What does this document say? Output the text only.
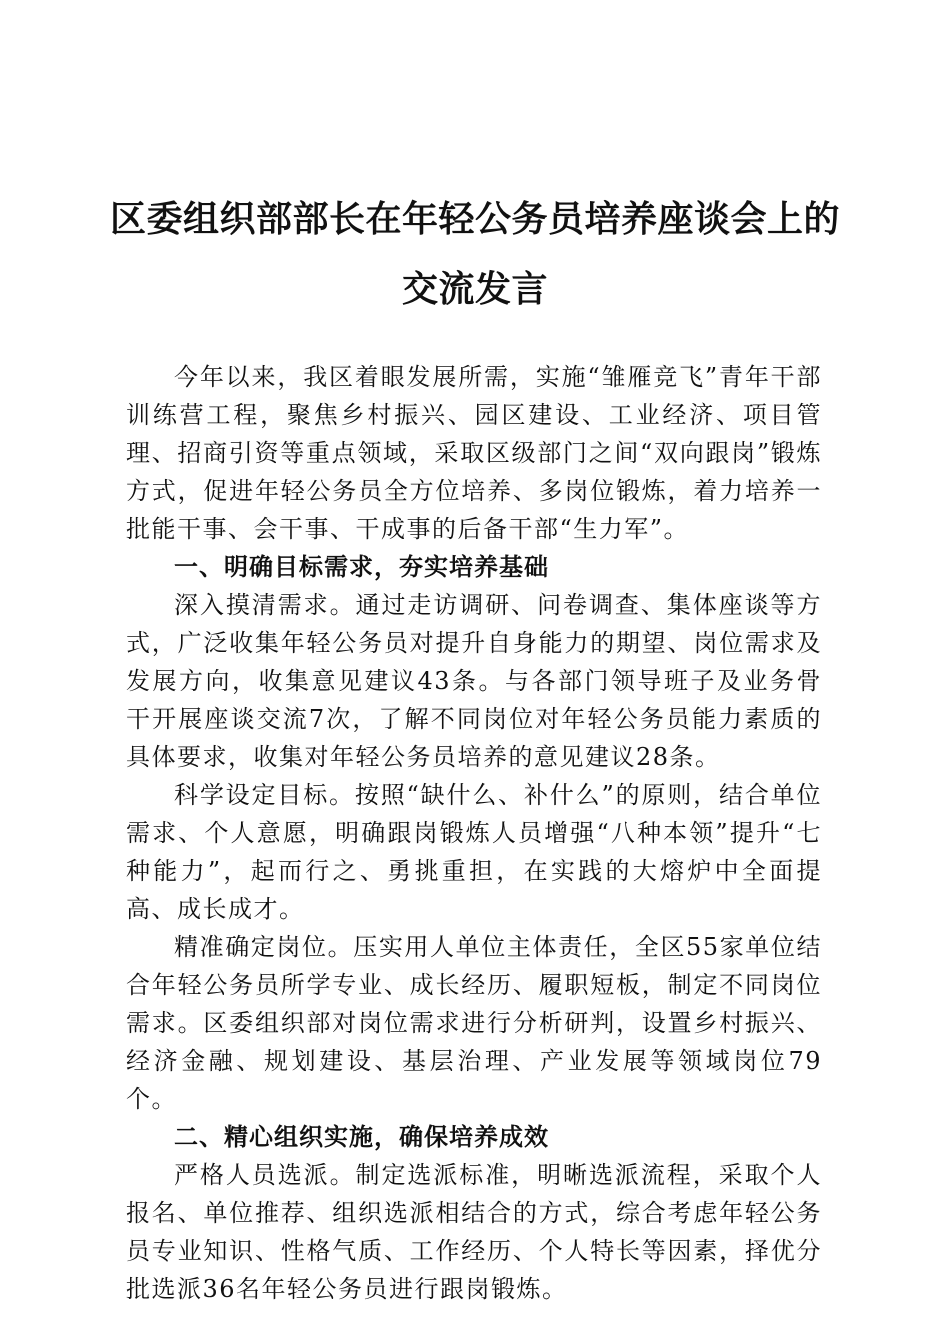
区委组织部部长在年轻公务员培养座谈会上的
交流发言

今年以来，我区着眼发展所需，实施“雏雁竞飞”青年干部训练营工程，聚焦乡村振兴、园区建设、工业经济、项目管理、招商引资等重点领域，采取区级部门之间“双向跟岗”锻炼方式，促进年轻公务员全方位培养、多岗位锻炼，着力培养一批能干事、会干事、干成事的后备干部“生力军”。

一、明确目标需求，夯实培养基础

深入摸清需求。通过走访调研、问卷调查、集体座谈等方式，广泛收集年轻公务员对提升自身能力的期望、岗位需求及发展方向，收集意见建议43条。与各部门领导班子及业务骨干开展座谈交流7次，了解不同岗位对年轻公务员能力素质的具体要求，收集对年轻公务员培养的意见建议28条。

科学设定目标。按照“缺什么、补什么”的原则，结合单位需求、个人意愿，明确跟岗锻炼人员增强“八种本领”提升“七种能力”，起而行之、勇挑重担，在实践的大熔炉中全面提高、成长成才。

精准确定岗位。压实用人单位主体责任，全区55家单位结合年轻公务员所学专业、成长经历、履职短板，制定不同岗位需求。区委组织部对岗位需求进行分析研判，设置乡村振兴、经济金融、规划建设、基层治理、产业发展等领域岗位79个。

二、精心组织实施，确保培养成效

严格人员选派。制定选派标准，明晰选派流程，采取个人报名、单位推荐、组织选派相结合的方式，综合考虑年轻公务员专业知识、性格气质、工作经历、个人特长等因素，择优分批选派36名年轻公务员进行跟岗锻炼。
